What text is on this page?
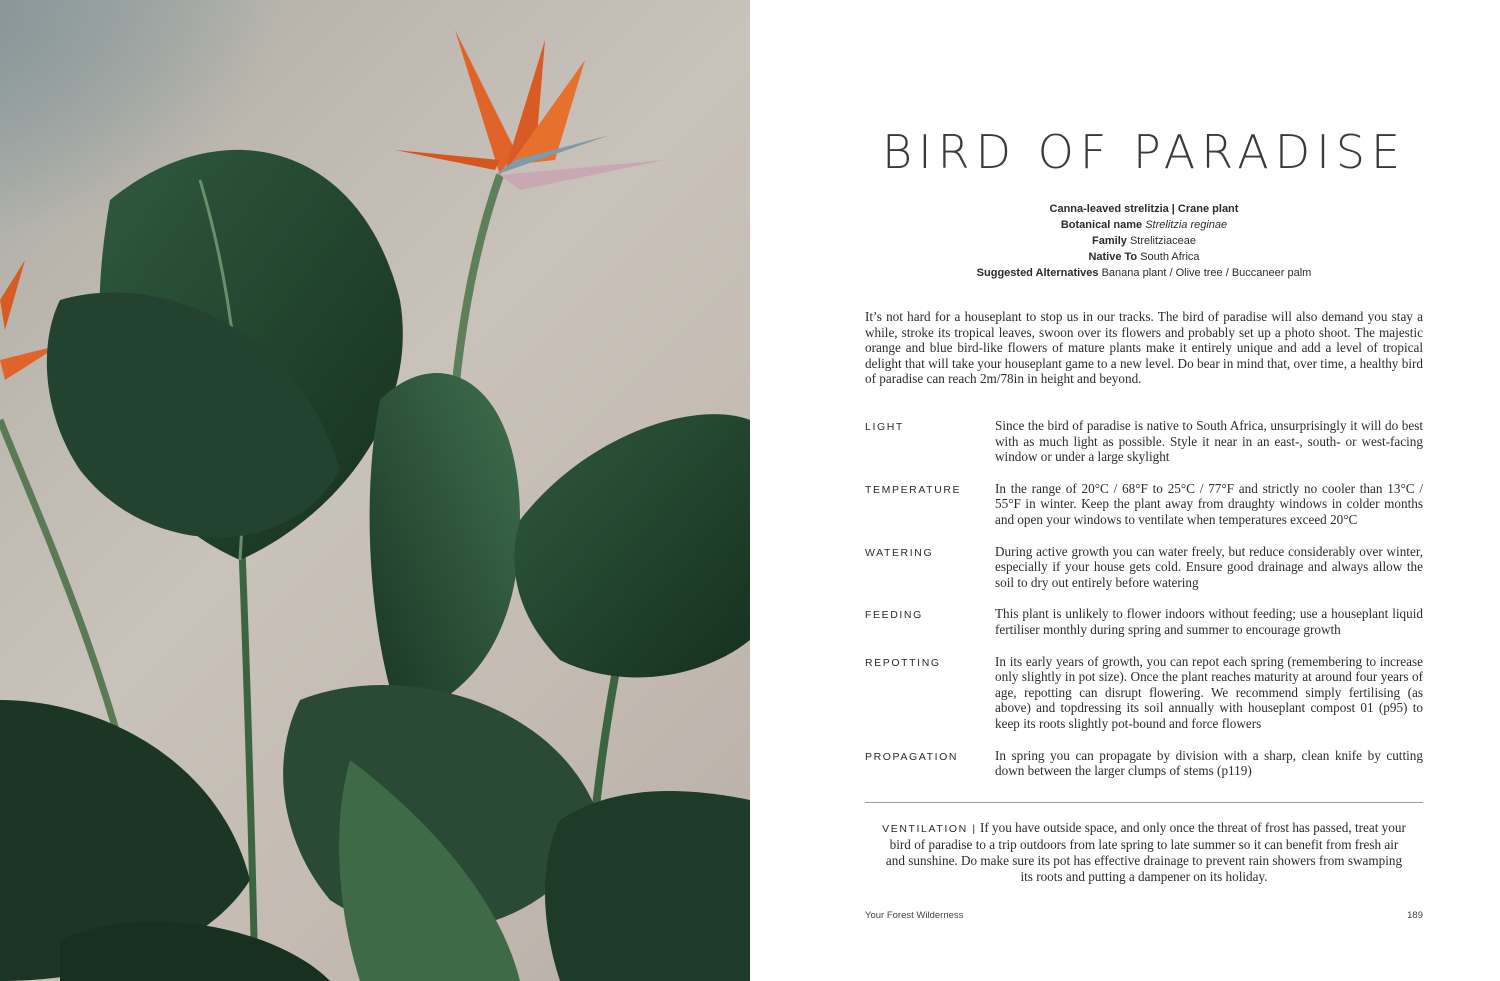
BIRD OF PARADISE
Canna-leaved strelitzia | Crane plant
Botanical name Strelitzia reginae
Family Strelitziaceae
Native To South Africa
Suggested Alternatives Banana plant / Olive tree / Buccaneer palm
It’s not hard for a houseplant to stop us in our tracks. The bird of paradise will also demand you stay a while, stroke its tropical leaves, swoon over its flowers and probably set up a photo shoot. The majestic orange and blue bird-like flowers of mature plants make it entirely unique and add a level of tropical delight that will take your houseplant game to a new level. Do bear in mind that, over time, a healthy bird of paradise can reach 2m/78in in height and beyond.
LIGHT	Since the bird of paradise is native to South Africa, unsurprisingly it will do best with as much light as possible. Style it near in an east-, south- or west-facing window or under a large skylight
TEMPERATURE	In the range of 20°C / 68°F to 25°C / 77°F and strictly no cooler than 13°C / 55°F in winter. Keep the plant away from draughty windows in colder months and open your windows to ventilate when temperatures exceed 20°C
WATERING	During active growth you can water freely, but reduce considerably over winter, especially if your house gets cold. Ensure good drainage and always allow the soil to dry out entirely before watering
FEEDING	This plant is unlikely to flower indoors without feeding; use a houseplant liquid fertiliser monthly during spring and summer to encourage growth
REPOTTING	In its early years of growth, you can repot each spring (remembering to increase only slightly in pot size). Once the plant reaches maturity at around four years of age, repotting can disrupt flowering. We recommend simply fertilising (as above) and topdressing its soil annually with houseplant compost 01 (p95) to keep its roots slightly pot-bound and force flowers
PROPAGATION	In spring you can propagate by division with a sharp, clean knife by cutting down between the larger clumps of stems (p119)
VENTILATION | If you have outside space, and only once the threat of frost has passed, treat your bird of paradise to a trip outdoors from late spring to late summer so it can benefit from fresh air and sunshine. Do make sure its pot has effective drainage to prevent rain showers from swamping its roots and putting a dampener on its holiday.
Your Forest Wilderness	189
